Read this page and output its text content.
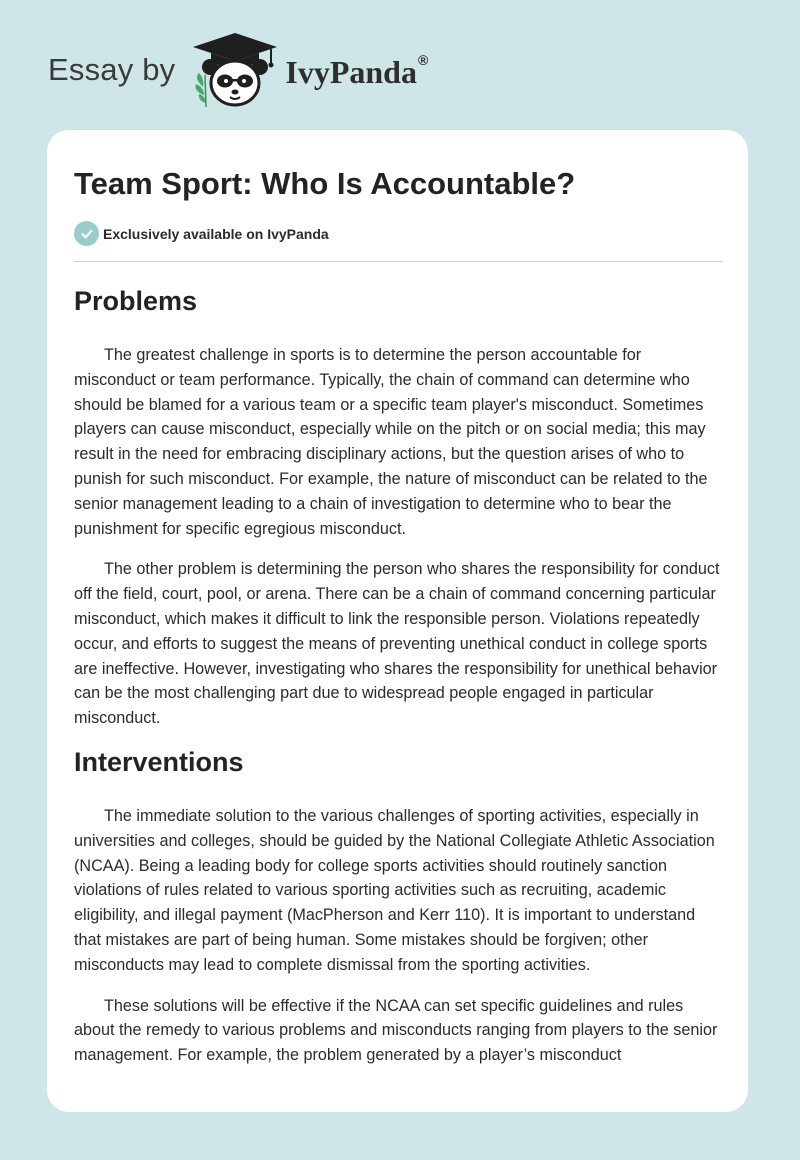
Essay by	IvyPanda ®
Team Sport: Who Is Accountable?
Exclusively available on IvyPanda
Problems

The greatest challenge in sports is to determine the person accountable for misconduct or team performance. Typically, the chain of command can determine who should be blamed for a various team or a specific team player's misconduct. Sometimes players can cause misconduct, especially while on the pitch or on social media; this may result in the need for embracing disciplinary actions, but the question arises of who to punish for such misconduct. For example, the nature of misconduct can be related to the senior management leading to a chain of investigation to determine who to bear the punishment for specific egregious misconduct.

The other problem is determining the person who shares the responsibility for conduct off the field, court, pool, or arena. There can be a chain of command concerning particular misconduct, which makes it difficult to link the responsible person. Violations repeatedly occur, and efforts to suggest the means of preventing unethical conduct in college sports are ineffective. However, investigating who shares the responsibility for unethical behavior can be the most challenging part due to widespread people engaged in particular misconduct.

Interventions

The immediate solution to the various challenges of sporting activities, especially in universities and colleges, should be guided by the National Collegiate Athletic Association (NCAA). Being a leading body for college sports activities should routinely sanction violations of rules related to various sporting activities such as recruiting, academic eligibility, and illegal payment (MacPherson and Kerr 110). It is important to understand that mistakes are part of being human. Some mistakes should be forgiven; other misconducts may lead to complete dismissal from the sporting activities.

These solutions will be effective if the NCAA can set specific guidelines and rules about the remedy to various problems and misconducts ranging from players to the senior management. For example, the problem generated by a player’s misconduct
